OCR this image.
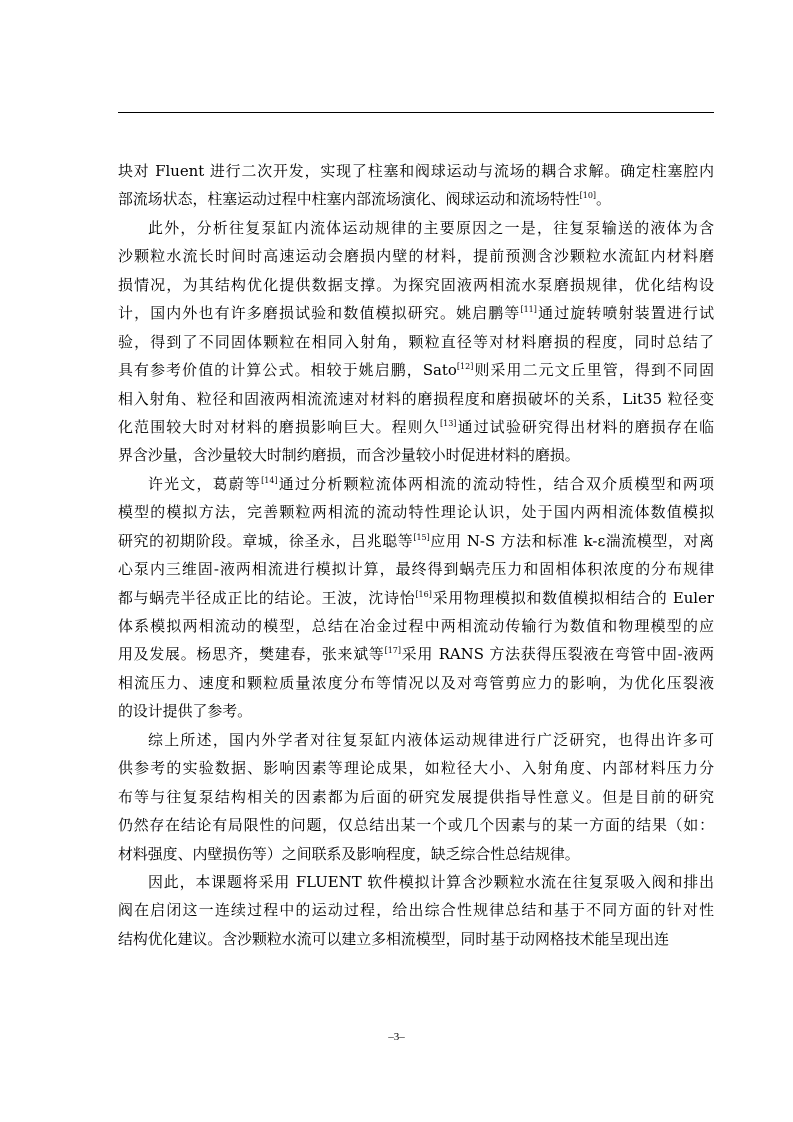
块对 Fluent 进行二次开发，实现了柱塞和阀球运动与流场的耦合求解。确定柱塞腔内
部流场状态，柱塞运动过程中柱塞内部流场演化、阀球运动和流场特性[10]。
此外，分析往复泵缸内流体运动规律的主要原因之一是，往复泵输送的液体为含
沙颗粒水流长时间时高速运动会磨损内壁的材料，提前预测含沙颗粒水流缸内材料磨
损情况，为其结构优化提供数据支撑。为探究固液两相流水泵磨损规律，优化结构设
计，国内外也有许多磨损试验和数值模拟研究。姚启鹏等[11]通过旋转喷射装置进行试
验，得到了不同固体颗粒在相同入射角，颗粒直径等对材料磨损的程度，同时总结了
具有参考价值的计算公式。相较于姚启鹏，Sato[12]则采用二元文丘里管，得到不同固
相入射角、粒径和固液两相流流速对材料的磨损程度和磨损破坏的关系，Lit35 粒径变
化范围较大时对材料的磨损影响巨大。程则久[13]通过试验研究得出材料的磨损存在临
界含沙量，含沙量较大时制约磨损，而含沙量较小时促进材料的磨损。
许光文，葛蔚等[14]通过分析颗粒流体两相流的流动特性，结合双介质模型和两项
模型的模拟方法，完善颗粒两相流的流动特性理论认识，处于国内两相流体数值模拟
研究的初期阶段。章城，徐圣永，吕兆聪等[15]应用 N-S 方法和标准 k-ε湍流模型，对离
心泵内三维固-液两相流进行模拟计算，最终得到蜗壳压力和固相体积浓度的分布规律
都与蜗壳半径成正比的结论。王波，沈诗怡[16]采用物理模拟和数值模拟相结合的 Euler
体系模拟两相流动的模型，总结在冶金过程中两相流动传输行为数值和物理模型的应
用及发展。杨思齐，樊建春，张来斌等[17]采用 RANS 方法获得压裂液在弯管中固-液两
相流压力、速度和颗粒质量浓度分布等情况以及对弯管剪应力的影响，为优化压裂液
的设计提供了参考。
综上所述，国内外学者对往复泵缸内液体运动规律进行广泛研究，也得出许多可
供参考的实验数据、影响因素等理论成果，如粒径大小、入射角度、内部材料压力分
布等与往复泵结构相关的因素都为后面的研究发展提供指导性意义。但是目前的研究
仍然存在结论有局限性的问题，仅总结出某一个或几个因素与的某一方面的结果（如：
材料强度、内壁损伤等）之间联系及影响程度，缺乏综合性总结规律。
因此，本课题将采用 FLUENT 软件模拟计算含沙颗粒水流在往复泵吸入阀和排出
阀在启闭这一连续过程中的运动过程，给出综合性规律总结和基于不同方面的针对性
结构优化建议。含沙颗粒水流可以建立多相流模型，同时基于动网格技术能呈现出连
–3–
